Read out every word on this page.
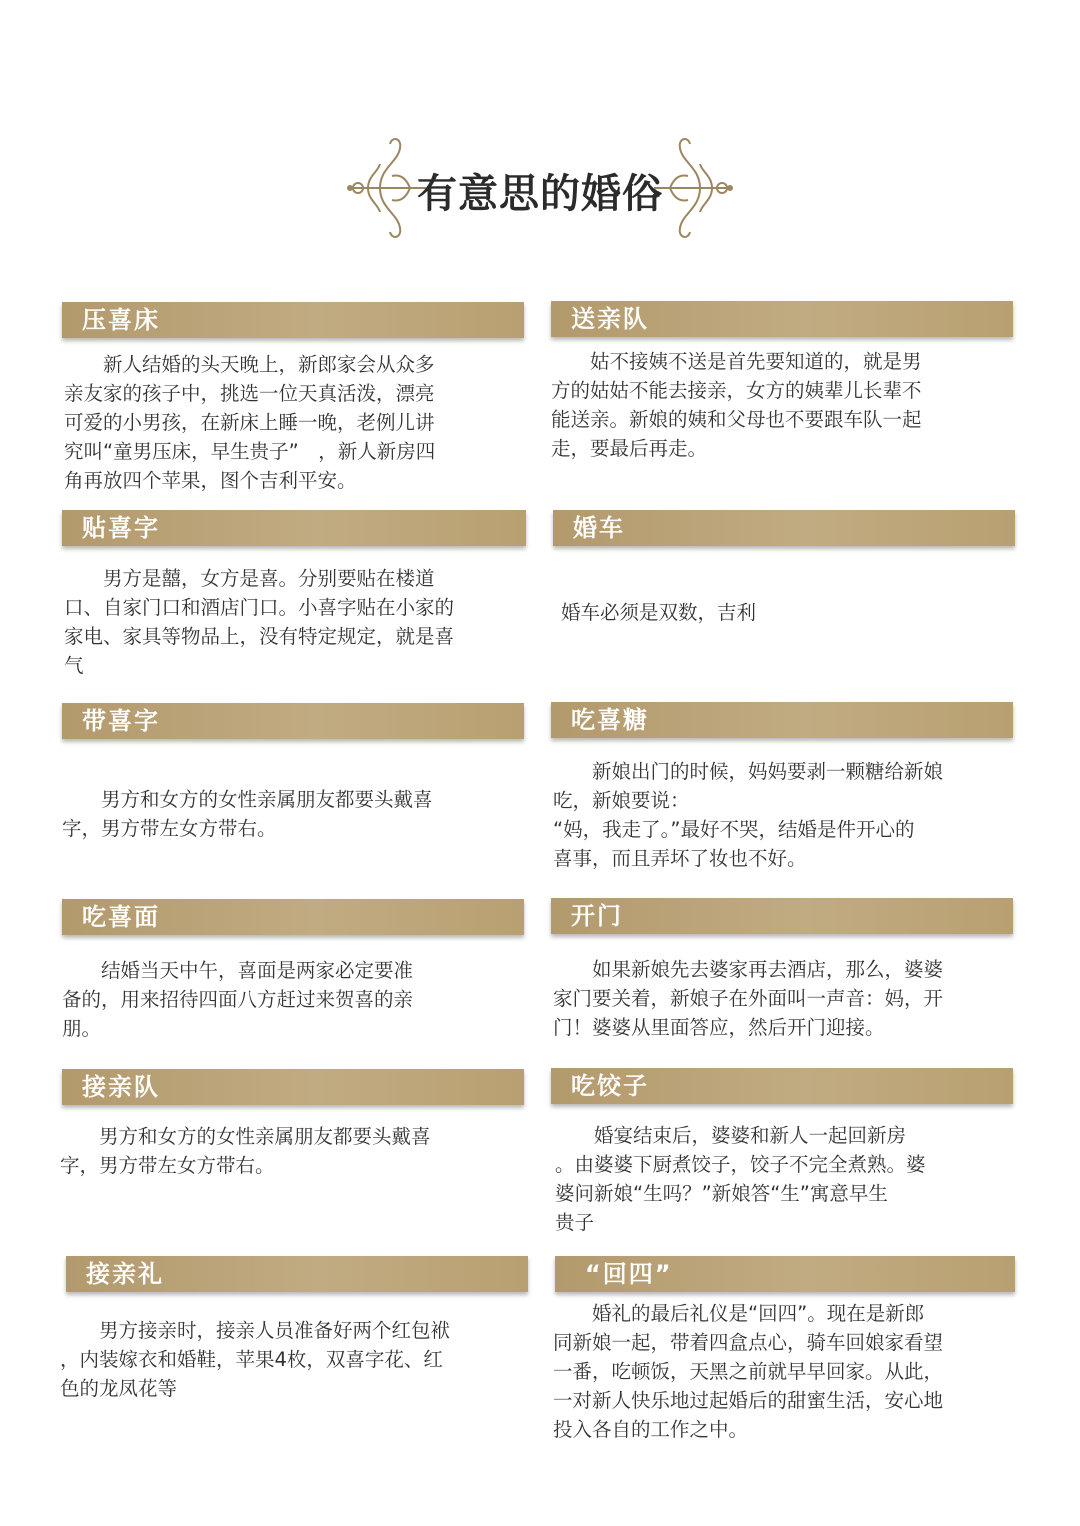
有意思的婚俗
压喜床
　　新人结婚的头天晚上，新郎家会从众多
亲友家的孩子中，挑选一位天真活泼，漂亮
可爱的小男孩，在新床上睡一晚，老例儿讲
究叫“童男压床，早生贵子”　，新人新房四
角再放四个苹果，图个吉利平安。
送亲队
　　姑不接姨不送是首先要知道的，就是男
方的姑姑不能去接亲，女方的姨辈儿长辈不
能送亲。新娘的姨和父母也不要跟车队一起
走，要最后再走。
贴喜字
　　男方是囍，女方是喜。分别要贴在楼道
口、自家门口和酒店门口。小喜字贴在小家的
家电、家具等物品上，没有特定规定，就是喜
气
婚车
婚车必须是双数，吉利
带喜字
　　男方和女方的女性亲属朋友都要头戴喜
字，男方带左女方带右。
吃喜糖
　　新娘出门的时候，妈妈要剥一颗糖给新娘
吃，新娘要说：
“妈，我走了。”最好不哭，结婚是件开心的
喜事，而且弄坏了妆也不好。
吃喜面
　　结婚当天中午，喜面是两家必定要准
备的，用来招待四面八方赶过来贺喜的亲
朋。
开门
　　如果新娘先去婆家再去酒店，那么，婆婆
家门要关着，新娘子在外面叫一声音：妈，开
门！婆婆从里面答应，然后开门迎接。
接亲队
　　男方和女方的女性亲属朋友都要头戴喜
字，男方带左女方带右。
吃饺子
　　婚宴结束后，婆婆和新人一起回新房
。由婆婆下厨煮饺子，饺子不完全煮熟。婆
婆问新娘“生吗？”新娘答“生”寓意早生
贵子
接亲礼
　　男方接亲时，接亲人员准备好两个红包袱
，内装嫁衣和婚鞋，苹果4枚，双喜字花、红
色的龙凤花等
“回四”
　　婚礼的最后礼仪是“回四”。现在是新郎
同新娘一起，带着四盒点心，骑车回娘家看望
一番，吃顿饭，天黑之前就早早回家。从此，
一对新人快乐地过起婚后的甜蜜生活，安心地
投入各自的工作之中。
